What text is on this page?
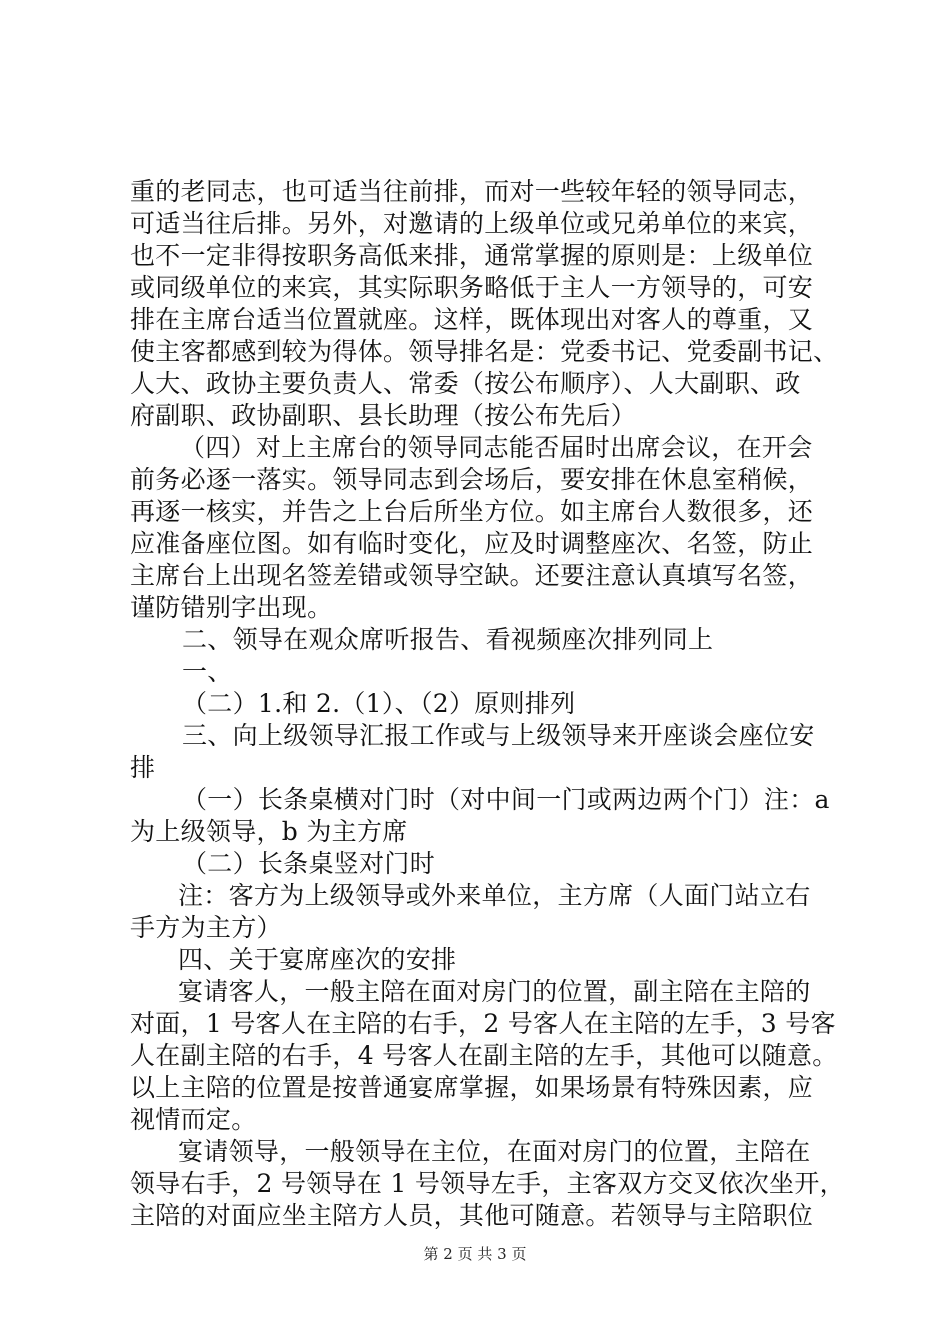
重的老同志，也可适当往前排，而对一些较年轻的领导同志，
可适当往后排。另外，对邀请的上级单位或兄弟单位的来宾，
也不一定非得按职务高低来排，通常掌握的原则是：上级单位
或同级单位的来宾，其实际职务略低于主人一方领导的，可安
排在主席台适当位置就座。这样，既体现出对客人的尊重，又
使主客都感到较为得体。领导排名是：党委书记、党委副书记、
人大、政协主要负责人、常委（按公布顺序）、人大副职、政
府副职、政协副职、县长助理（按公布先后）
（四）对上主席台的领导同志能否届时出席会议，在开会
前务必逐一落实。领导同志到会场后，要安排在休息室稍候，
再逐一核实，并告之上台后所坐方位。如主席台人数很多，还
应准备座位图。如有临时变化，应及时调整座次、名签，防止
主席台上出现名签差错或领导空缺。还要注意认真填写名签，
谨防错别字出现。
二、领导在观众席听报告、看视频座次排列同上
一、
（二）1.和 2.（1）、（2）原则排列
三、向上级领导汇报工作或与上级领导来开座谈会座位安
排
（一）长条桌横对门时（对中间一门或两边两个门）注：a
为上级领导，b 为主方席
（二）长条桌竖对门时
注：客方为上级领导或外来单位，主方席（人面门站立右
手方为主方）
四、关于宴席座次的安排
宴请客人，一般主陪在面对房门的位置，副主陪在主陪的
对面，1 号客人在主陪的右手，2 号客人在主陪的左手，3 号客
人在副主陪的右手，4 号客人在副主陪的左手，其他可以随意。
以上主陪的位置是按普通宴席掌握，如果场景有特殊因素，应
视情而定。
宴请领导，一般领导在主位，在面对房门的位置，主陪在
领导右手，2 号领导在 1 号领导左手，主客双方交叉依次坐开，
主陪的对面应坐主陪方人员，其他可随意。若领导与主陪职位
第 2 页 共 3 页
